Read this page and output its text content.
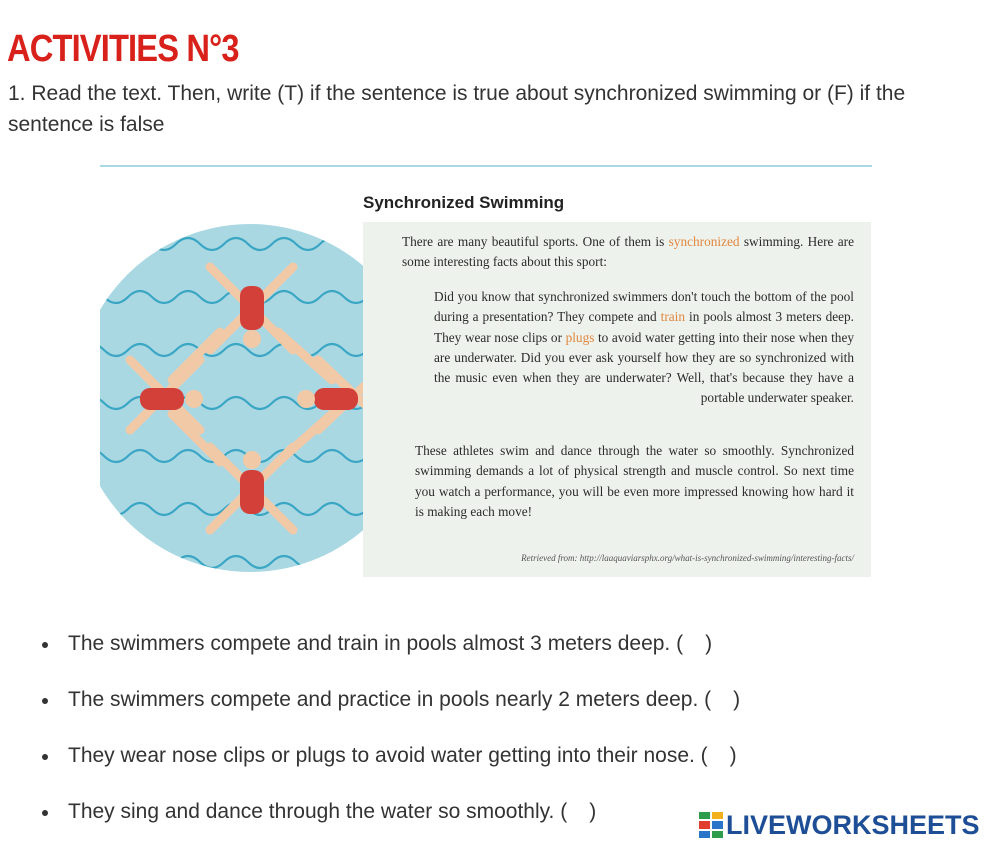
ACTIVITIES N°3
1. Read the text. Then, write (T) if the sentence is true about synchronized swimming or (F) if the sentence is false
Synchronized Swimming
There are many beautiful sports. One of them is synchronized swimming. Here are some interesting facts about this sport:
Did you know that synchronized swimmers don't touch the bottom of the pool during a presentation? They compete and train in pools almost 3 meters deep. They wear nose clips or plugs to avoid water getting into their nose when they are underwater. Did you ever ask yourself how they are so synchronized with the music even when they are underwater? Well, that's because they have a portable underwater speaker.
These athletes swim and dance through the water so smoothly. Synchronized swimming demands a lot of physical strength and muscle control. So next time you watch a performance, you will be even more impressed knowing how hard it is making each move!
Retrieved from: http://laaquaviarsphx.org/what-is-synchronized-swimming/interesting-facts/
The swimmers compete and train in pools almost 3 meters deep. ( )
The swimmers compete and practice in pools nearly 2 meters deep. ( )
They wear nose clips or plugs to avoid water getting into their nose. ( )
They sing and dance through the water so smoothly. ( )	LIVEWORKSHEETS
